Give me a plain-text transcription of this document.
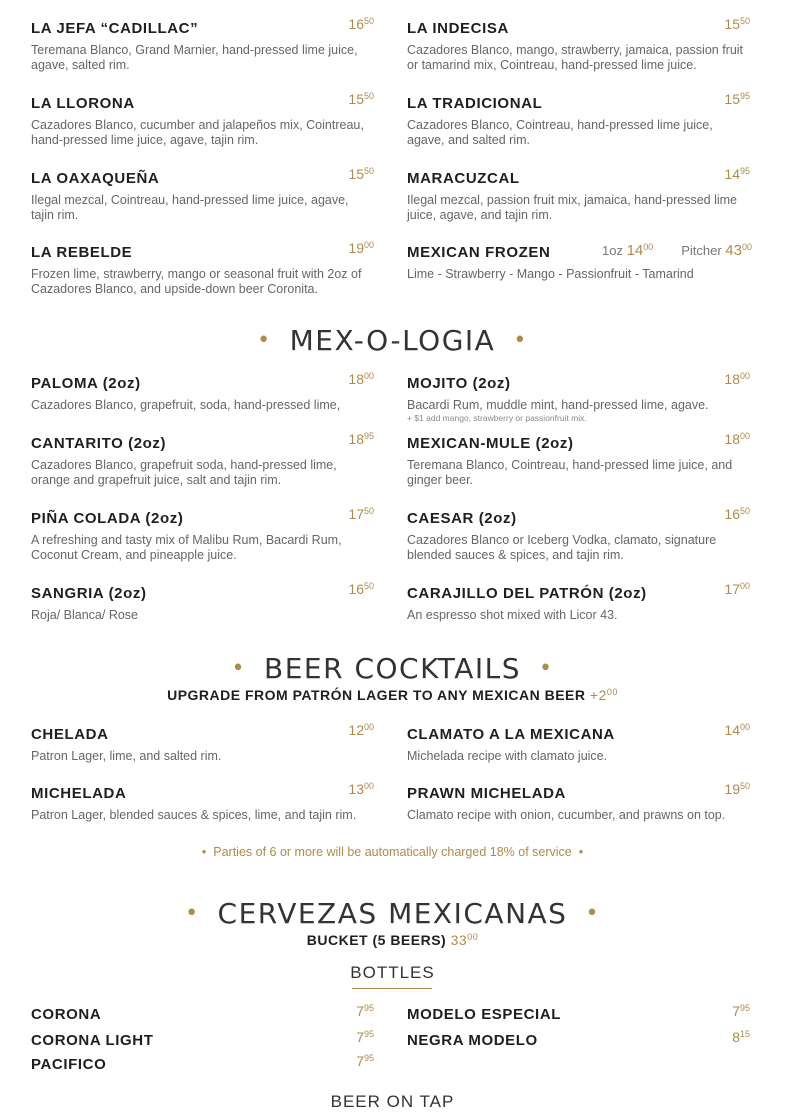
LA JEFA “CADILLAC”	$16^{50}$
Teremana Blanco, Grand Marnier, hand-pressed lime juice, agave, salted rim.
LA LLORONA	$15^{50}$
Cazadores Blanco, cucumber and jalapeños mix, Cointreau, hand-pressed lime juice, agave, tajin rim.
LA OAXAQUEÑA	$15^{50}$
Ilegal mezcal, Cointreau, hand-pressed lime juice, agave, tajin rim.
LA REBELDE	$19^{00}$
Frozen lime, strawberry, mango or seasonal fruit with 2oz of Cazadores Blanco, and upside-down beer Coronita.
LA INDECISA	$15^{50}$
Cazadores Blanco, mango, strawberry, jamaica, passion fruit or tamarind mix, Cointreau, hand-pressed lime juice.
LA TRADICIONAL	$15^{95}$
Cazadores Blanco, Cointreau, hand-pressed lime juice, agave, and salted rim.
MARACUZCAL	$14^{95}$
Ilegal mezcal, passion fruit mix, jamaica, hand-pressed lime juice, agave, and tajin rim.
MEXICAN FROZEN	1oz $14^{00}$ Pitcher $43^{00}$
Lime - Strawberry - Mango - Passionfruit - Tamarind
• MEX-O-LOGIA •
PALOMA (2oz)	$18^{00}$
Cazadores Blanco, grapefruit, soda, hand-pressed lime,
CANTARITO (2oz)	$18^{95}$
Cazadores Blanco, grapefruit soda, hand-pressed lime, orange and grapefruit juice, salt and tajin rim.
PIÑA COLADA (2oz)	$17^{50}$
A refreshing and tasty mix of Malibu Rum, Bacardi Rum, Coconut Cream, and pineapple juice.
SANGRIA (2oz)	$16^{50}$
Roja/ Blanca/ Rose
MOJITO (2oz)	$18^{00}$
Bacardi Rum, muddle mint, hand-pressed lime, agave.
+ $1 add mango, strawberry or passionfruit mix.
MEXICAN-MULE (2oz)	$18^{00}$
Teremana Blanco, Cointreau, hand-pressed lime juice, and ginger beer.
CAESAR (2oz)	$16^{50}$
Cazadores Blanco or Iceberg Vodka, clamato, signature blended sauces & spices, and tajin rim.
CARAJILLO DEL PATRÓN (2oz)	$17^{00}$
An espresso shot mixed with Licor 43.
• BEER COCKTAILS •
UPGRADE FROM PATRÓN LAGER TO ANY MEXICAN BEER $+2^{00}$
CHELADA	$12^{00}$
Patron Lager, lime, and salted rim.
MICHELADA	$13^{00}$
Patron Lager, blended sauces & spices, lime, and tajin rim.
CLAMATO A LA MEXICANA	$14^{00}$
Michelada recipe with clamato juice.
PRAWN MICHELADA	$19^{50}$
Clamato recipe with onion, cucumber, and prawns on top.
• Parties of 6 or more will be automatically charged 18% of service •
• CERVEZAS MEXICANAS •
BUCKET (5 BEERS) $33^{00}$
BOTTLES
CORONA	$7^{95}$
CORONA LIGHT	$7^{95}$
PACIFICO	$7^{95}$
MODELO ESPECIAL	$7^{95}$
NEGRA MODELO	$8^{15}$
BEER ON TAP
